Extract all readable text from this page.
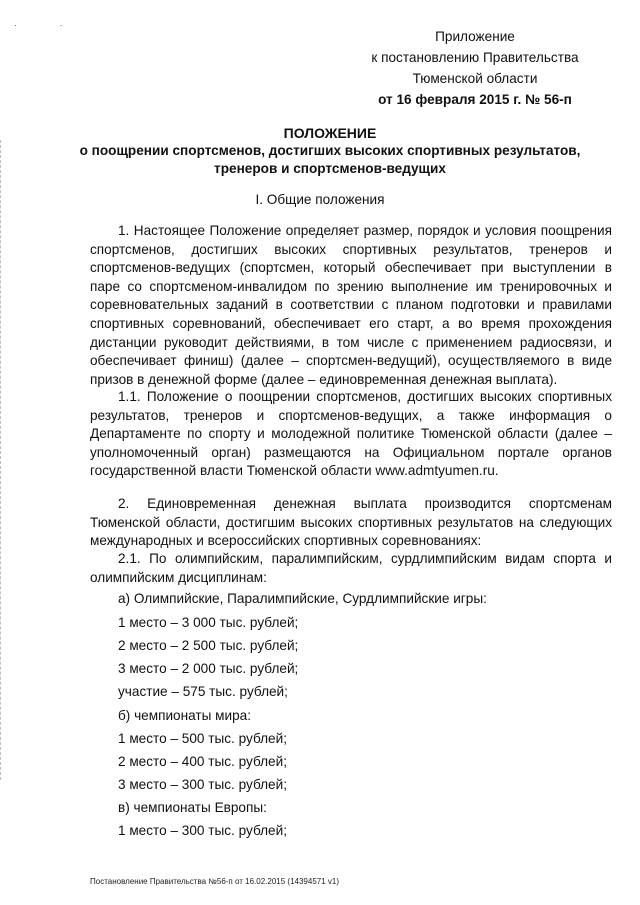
· ·
Приложение
к постановлению Правительства
Тюменской области
от 16 февраля 2015 г. № 56-п
ПОЛОЖЕНИЕ
о поощрении спортсменов, достигших высоких спортивных результатов,
тренеров и спортсменов-ведущих
I. Общие положения

1. Настоящее Положение определяет размер, порядок и условия поощрения спортсменов, достигших высоких спортивных результатов, тренеров и спортсменов-ведущих (спортсмен, который обеспечивает при выступлении в паре со спортсменом-инвалидом по зрению выполнение им тренировочных и соревновательных заданий в соответствии с планом подготовки и правилами спортивных соревнований, обеспечивает его старт, а во время прохождения дистанции руководит действиями, в том числе с применением радиосвязи, и обеспечивает финиш) (далее – спортсмен-ведущий), осуществляемого в виде призов в денежной форме (далее – единовременная денежная выплата).

1.1. Положение о поощрении спортсменов, достигших высоких спортивных результатов, тренеров и спортсменов-ведущих, а также информация о Департаменте по спорту и молодежной политике Тюменской области (далее – уполномоченный орган) размещаются на Официальном портале органов государственной власти Тюменской области www.admtyumen.ru.

2. Единовременная денежная выплата производится спортсменам Тюменской области, достигшим высоких спортивных результатов на следующих международных и всероссийских спортивных соревнованиях:

2.1. По олимпийским, паралимпийским, сурдлимпийским видам спорта и олимпийским дисциплинам:

а) Олимпийские, Паралимпийские, Сурдлимпийские игры:
1 место – 3 000 тыс. рублей;
2 место – 2 500 тыс. рублей;
3 место – 2 000 тыс. рублей;
участие – 575 тыс. рублей;
б) чемпионаты мира:
1 место – 500 тыс. рублей;
2 место – 400 тыс. рублей;
3 место – 300 тыс. рублей;
в) чемпионаты Европы:
1 место – 300 тыс. рублей;
Постановление Правительства №56-п от 16.02.2015 (14394571 v1)
